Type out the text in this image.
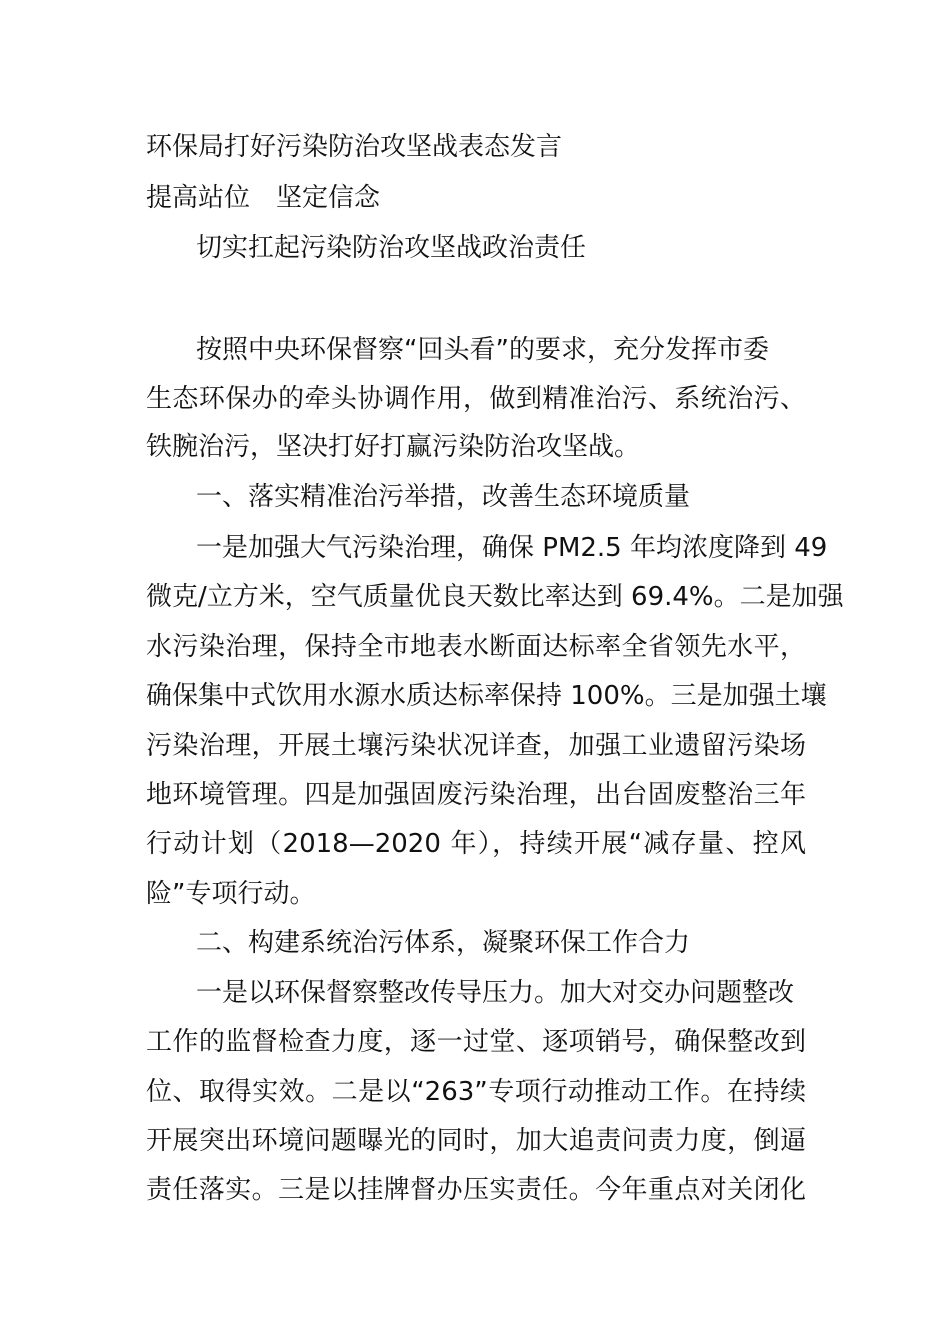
环保局打好污染防治攻坚战表态发言
提高站位 坚定信念
切实扛起污染防治攻坚战政治责任
按照中央环保督察“回头看”的要求，充分发挥市委
生态环保办的牵头协调作用，做到精准治污、系统治污、
铁腕治污，坚决打好打赢污染防治攻坚战。
一、落实精准治污举措，改善生态环境质量
一是加强大气污染治理，确保 PM2.5 年均浓度降到 49
微克/立方米，空气质量优良天数比率达到 69.4%。二是加强
水污染治理，保持全市地表水断面达标率全省领先水平，
确保集中式饮用水源水质达标率保持 100%。三是加强土壤
污染治理，开展土壤污染状况详查，加强工业遗留污染场
地环境管理。四是加强固废污染治理，出台固废整治三年
行动计划（2018—2020 年），持续开展“减存量、控风
险”专项行动。
二、构建系统治污体系，凝聚环保工作合力
一是以环保督察整改传导压力。加大对交办问题整改
工作的监督检查力度，逐一过堂、逐项销号，确保整改到
位、取得实效。二是以“263”专项行动推动工作。在持续
开展突出环境问题曝光的同时，加大追责问责力度，倒逼
责任落实。三是以挂牌督办压实责任。今年重点对关闭化
